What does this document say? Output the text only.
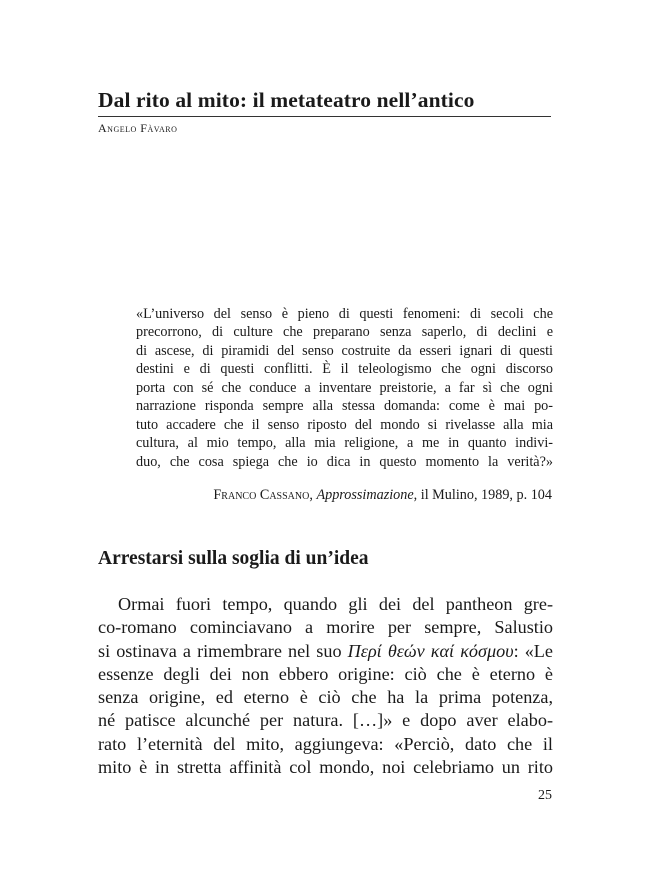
Dal rito al mito: il metateatro nell’antico
Angelo Fàvaro
«L’universo del senso è pieno di questi fenomeni: di secoli che
precorrono, di culture che preparano senza saperlo, di declini e
di ascese, di piramidi del senso costruite da esseri ignari di questi
destini e di questi conflitti. È il teleologismo che ogni discorso
porta con sé che conduce a inventare preistorie, a far sì che ogni
narrazione risponda sempre alla stessa domanda: come è mai po-
tuto accadere che il senso riposto del mondo si rivelasse alla mia
cultura, al mio tempo, alla mia religione, a me in quanto indivi-
duo, che cosa spiega che io dica in questo momento la verità?»
Franco Cassano, Approssimazione, il Mulino, 1989, p. 104
Arrestarsi sulla soglia di un’idea
Ormai fuori tempo, quando gli dei del pantheon gre-
co-romano cominciavano a morire per sempre, Salustio
si ostinava a rimembrare nel suo Περί θεών καί κόσμου: «Le
essenze degli dei non ebbero origine: ciò che è eterno è
senza origine, ed eterno è ciò che ha la prima potenza,
né patisce alcunché per natura. […]» e dopo aver elabo-
rato l’eternità del mito, aggiungeva: «Perciò, dato che il
mito è in stretta affinità col mondo, noi celebriamo un rito
25
